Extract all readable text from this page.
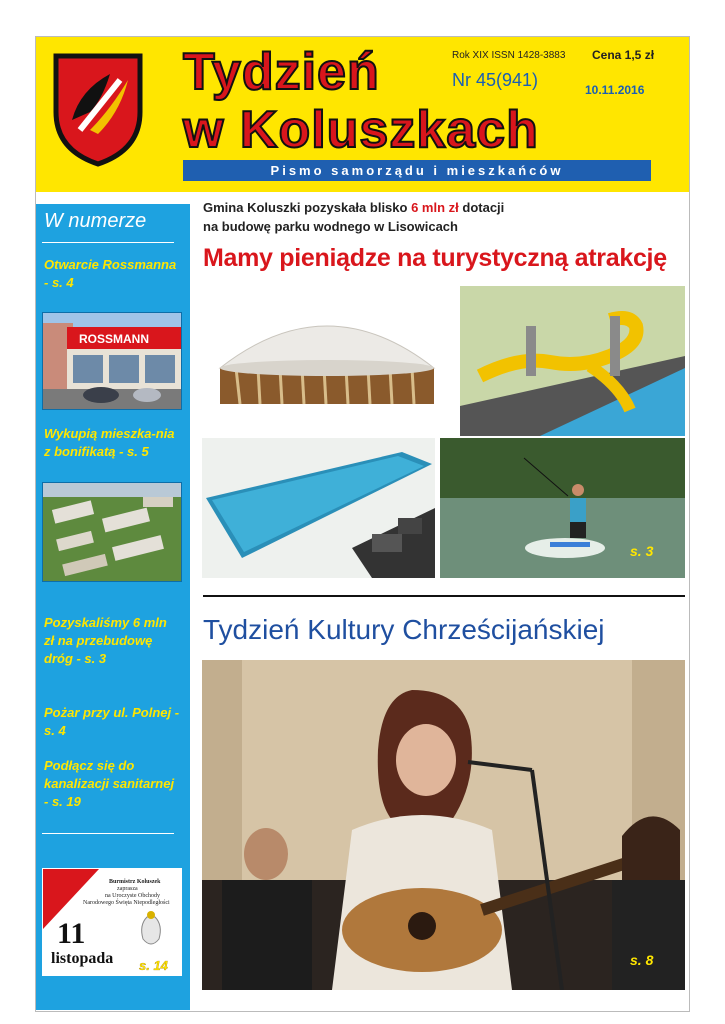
Tydzień
w Koluszkach
Rok XIX ISSN 1428-3883 Cena 1,5 zł
Nr 45(941)	10.11.2016
Pismo samorządu i mieszkańców
W numerze
Otwarcie Rossmanna - s. 4
ROSSMANN
Wykupią mieszka-nia z bonifikatą - s. 5
Pozyskaliśmy 6 mln zł na przebudowę dróg - s. 3
Pożar przy ul. Polnej - s. 4
Podłącz się do kanalizacji sanitarnej - s. 19
Burmistrz Koluszek
zaprasza
na Uroczyste Obchody
Narodowego Święta Niepodległości
11
listopada s. 14
Gmina Koluszki pozyskała blisko 6 mln zł dotacji
na budowę parku wodnego w Lisowicach
Mamy pieniądze na turystyczną atrakcję
s. 3
Tydzień Kultury Chrześcijańskiej
s. 8
